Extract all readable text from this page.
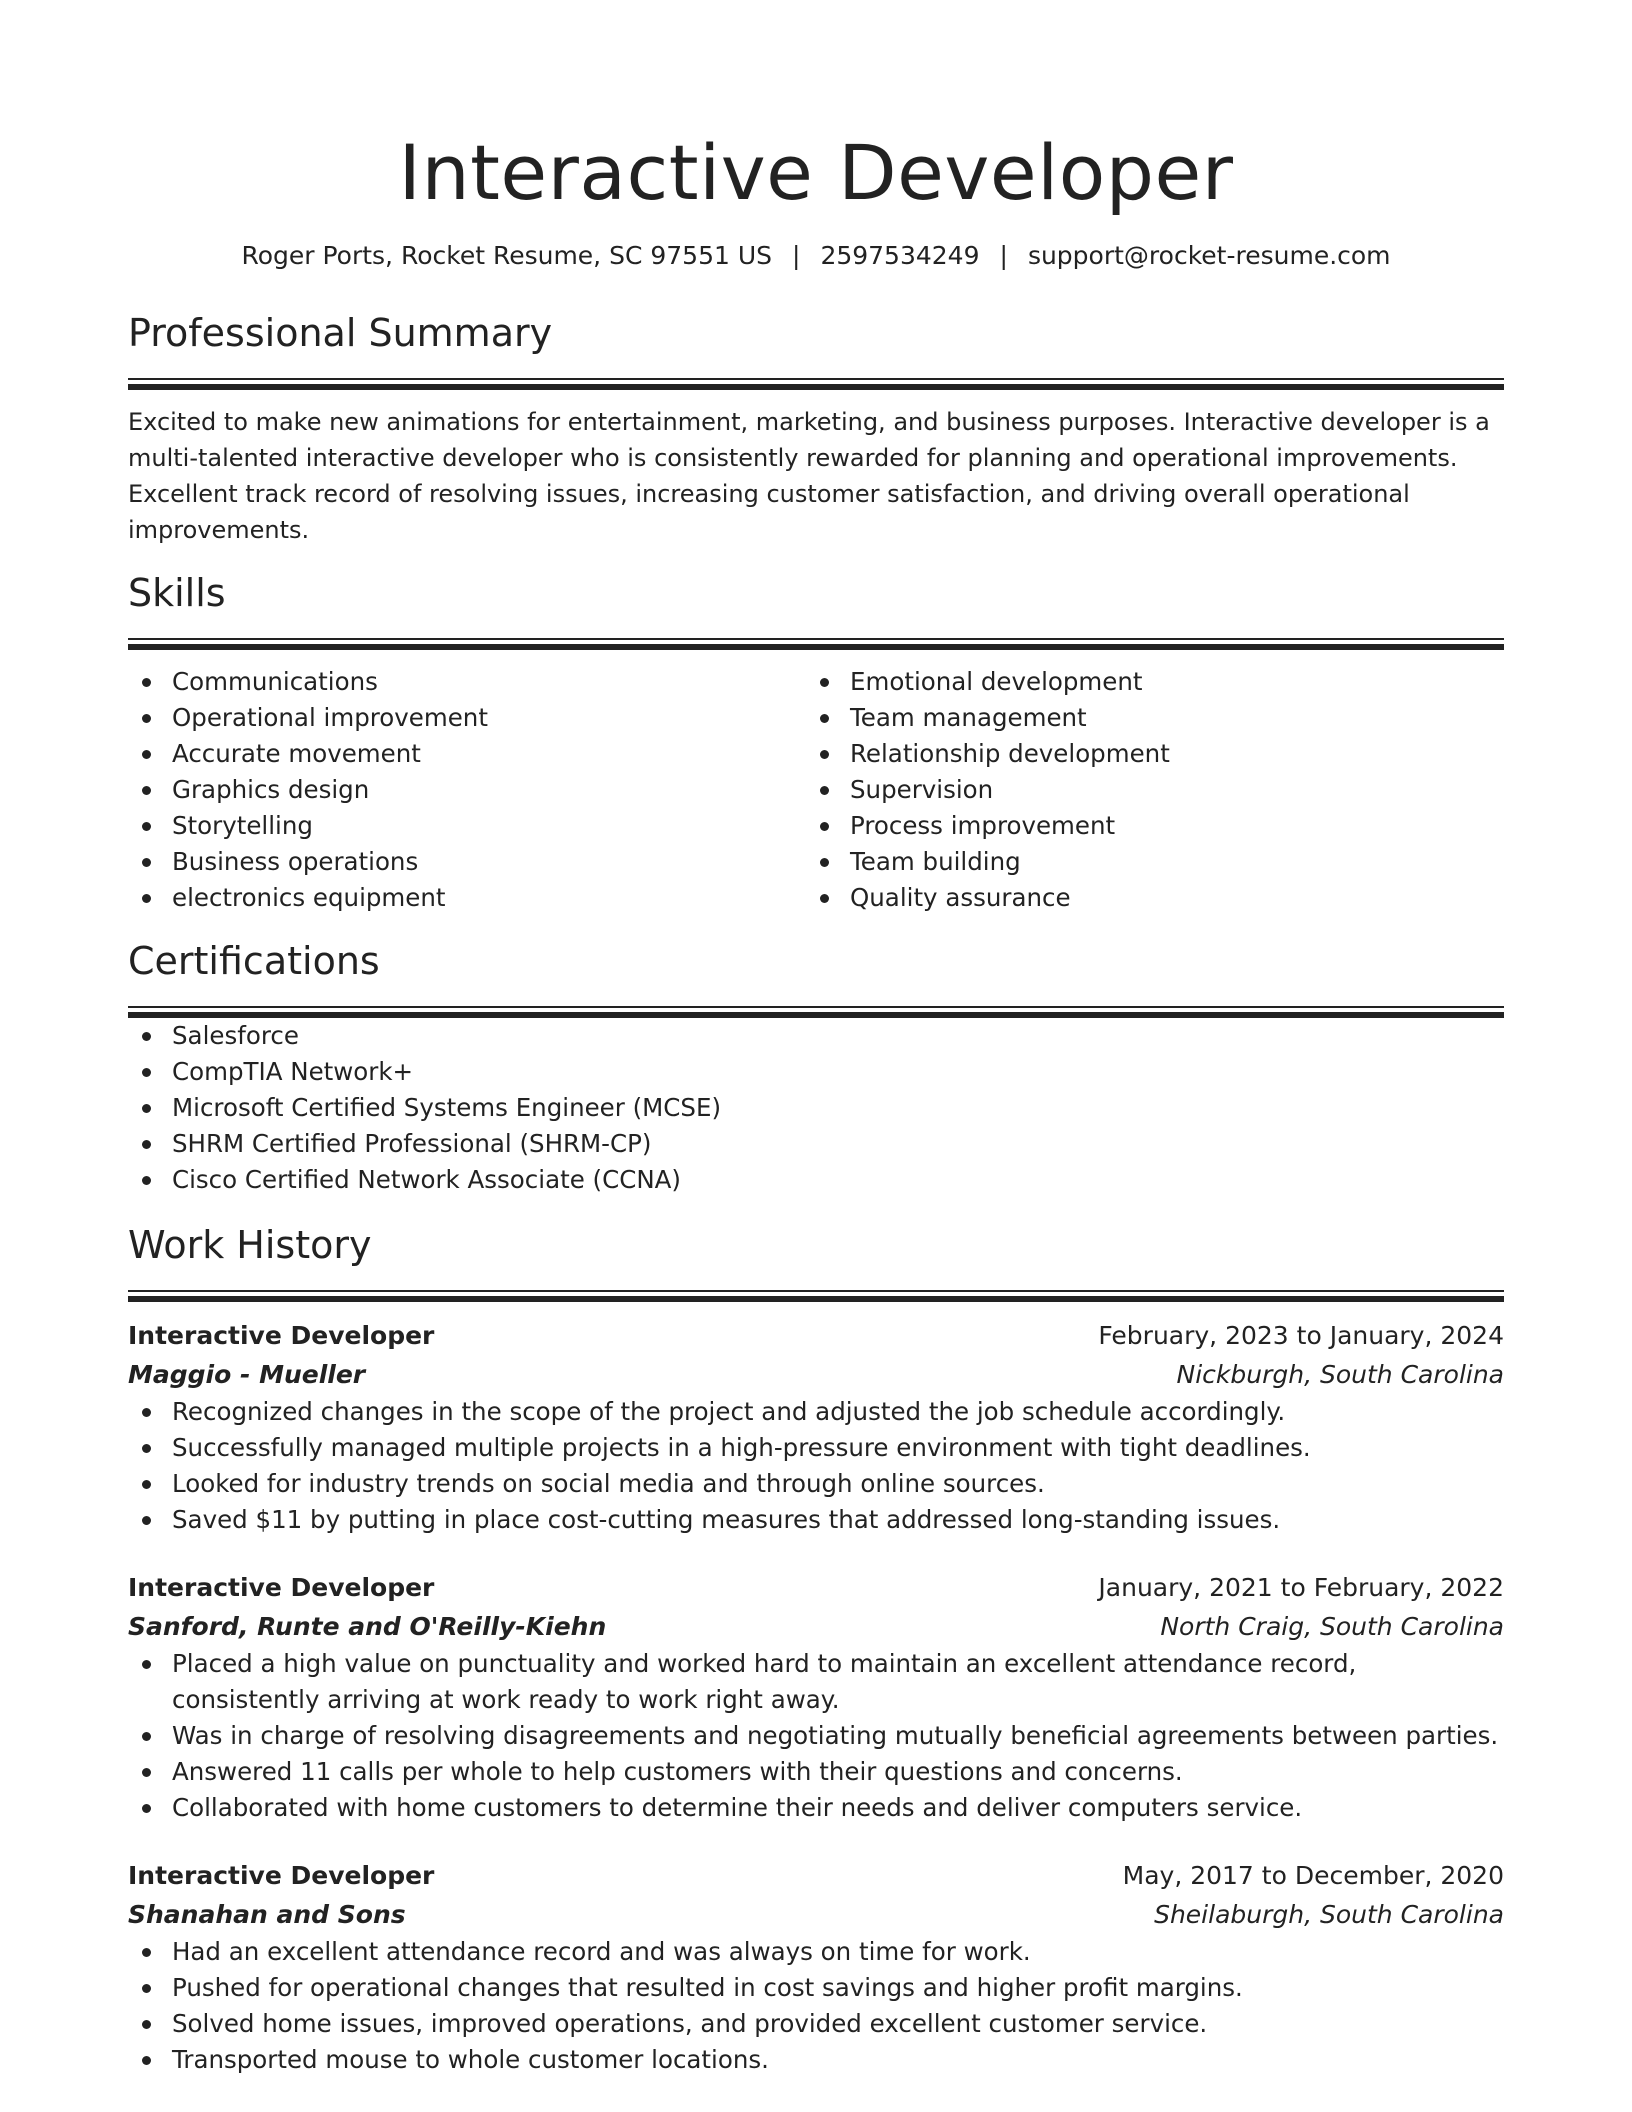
Interactive Developer
Roger Ports, Rocket Resume, SC 97551 US | 2597534249 | support@rocket-resume.com
Professional Summary

Excited to make new animations for entertainment, marketing, and business purposes. Interactive developer is a multi-talented interactive developer who is consistently rewarded for planning and operational improvements. Excellent track record of resolving issues, increasing customer satisfaction, and driving overall operational improvements.

Skills
Communications
Operational improvement
Accurate movement
Graphics design
Storytelling
Business operations
electronics equipment
Emotional development
Team management
Relationship development
Supervision
Process improvement
Team building
Quality assurance
Certifications
Salesforce
CompTIA Network+
Microsoft Certified Systems Engineer (MCSE)
SHRM Certified Professional (SHRM-CP)
Cisco Certified Network Associate (CCNA)
Work History
Interactive Developer	February, 2023 to January, 2024
Maggio - Mueller	Nickburgh, South Carolina
Recognized changes in the scope of the project and adjusted the job schedule accordingly.
Successfully managed multiple projects in a high-pressure environment with tight deadlines.
Looked for industry trends on social media and through online sources.
Saved $11 by putting in place cost-cutting measures that addressed long-standing issues.
Interactive Developer	January, 2021 to February, 2022
Sanford, Runte and O'Reilly-Kiehn	North Craig, South Carolina
Placed a high value on punctuality and worked hard to maintain an excellent attendance record, consistently arriving at work ready to work right away.
Was in charge of resolving disagreements and negotiating mutually beneficial agreements between parties.
Answered 11 calls per whole to help customers with their questions and concerns.
Collaborated with home customers to determine their needs and deliver computers service.
Interactive Developer	May, 2017 to December, 2020
Shanahan and Sons	Sheilaburgh, South Carolina
Had an excellent attendance record and was always on time for work.
Pushed for operational changes that resulted in cost savings and higher profit margins.
Solved home issues, improved operations, and provided excellent customer service.
Transported mouse to whole customer locations.
